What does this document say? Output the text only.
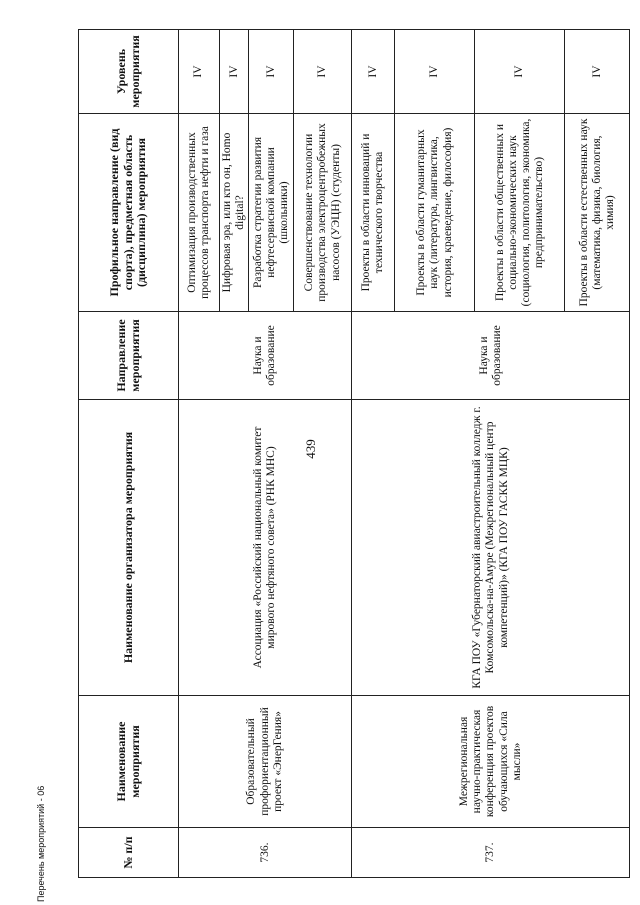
439
№ п/п	Наименование мероприятия	Наименование организатора мероприятия	Направление мероприятия	Профильное направление (вид спорта), предметная область (дисциплина) мероприятия	Уровень мероприятия
736.	Образовательный профориентационный проект «ЭнерГения»	Ассоциация «Российский национальный комитет мирового нефтяного совета» (РНК МНС)	Наука и образование	Оптимизация производственных процессов транспорта нефти и газа	IV
				Цифровая эра, или кто он, Homo digital?	IV
				Разработка стратегии развития нефтесервисной компании (школьники)	IV
				Совершенствование технологии производства электроцентробежных насосов (УЭЦН) (студенты)	IV
737.	Межрегиональная научно-практическая конференция проектов обучающихся «Сила мысли»	КГА ПОУ «Губернаторский авиастроительный колледж г. Комсомольска-на-Амуре (Межрегиональный центр компетенций)» (КГА ПОУ ГАСКК МЦК)	Наука и образование	Проекты в области инноваций и технического творчества	IV
				Проекты в области гуманитарных наук (литература, лингвистика, история, краеведение, философия)	IV
				Проекты в области общественных и социально-экономических наук (социология, политология, экономика, предпринимательство)	IV
				Проекты в области естественных наук (математика, физика, биология, химия)	IV
Перечень мероприятий - 06
